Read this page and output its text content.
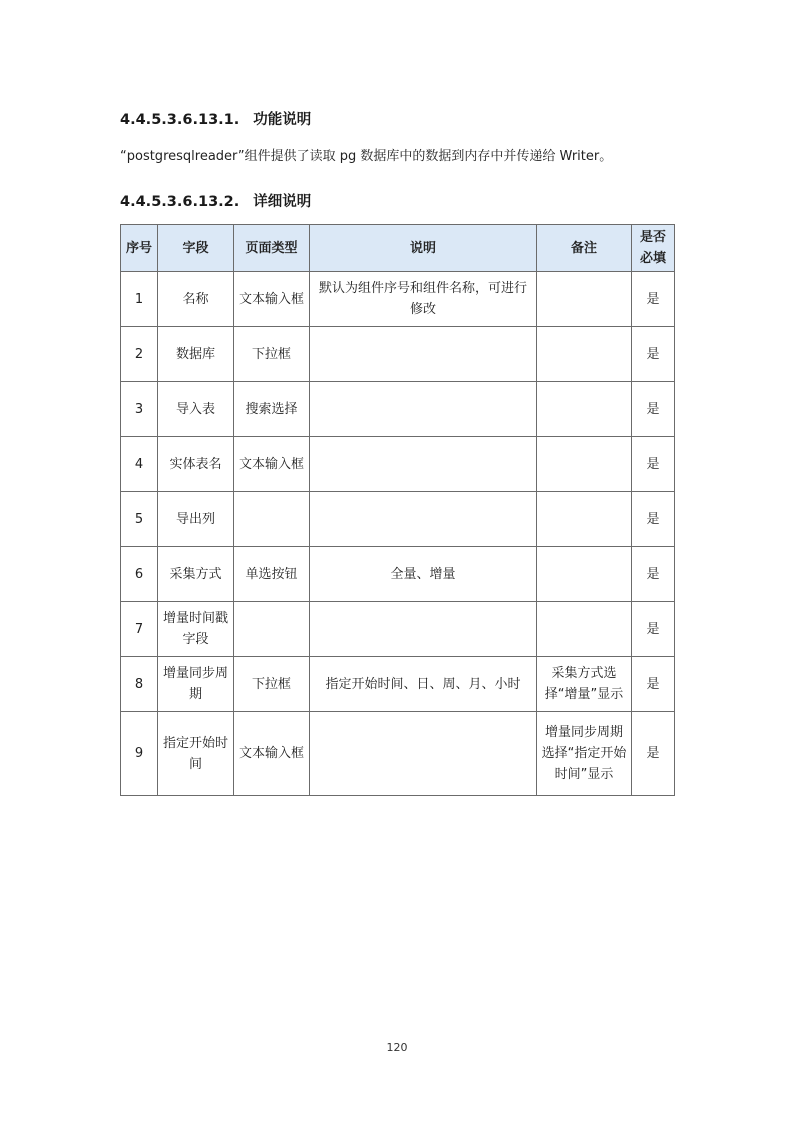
4.4.5.3.6.13.1. 功能说明
“postgresqlreader”组件提供了读取 pg 数据库中的数据到内存中并传递给 Writer。
4.4.5.3.6.13.2. 详细说明
序号	字段	页面类型	说明	备注	是否必填
1	名称	文本输入框	默认为组件序号和组件名称，可进行修改		是
2	数据库	下拉框			是
3	导入表	搜索选择			是
4	实体表名	文本输入框			是
5	导出列				是
6	采集方式	单选按钮	全量、增量		是
7	增量时间戳字段				是
8	增量同步周期	下拉框	指定开始时间、日、周、月、小时	采集方式选择“增量”显示	是
9	指定开始时间	文本输入框		增量同步周期选择“指定开始时间”显示	是
120
